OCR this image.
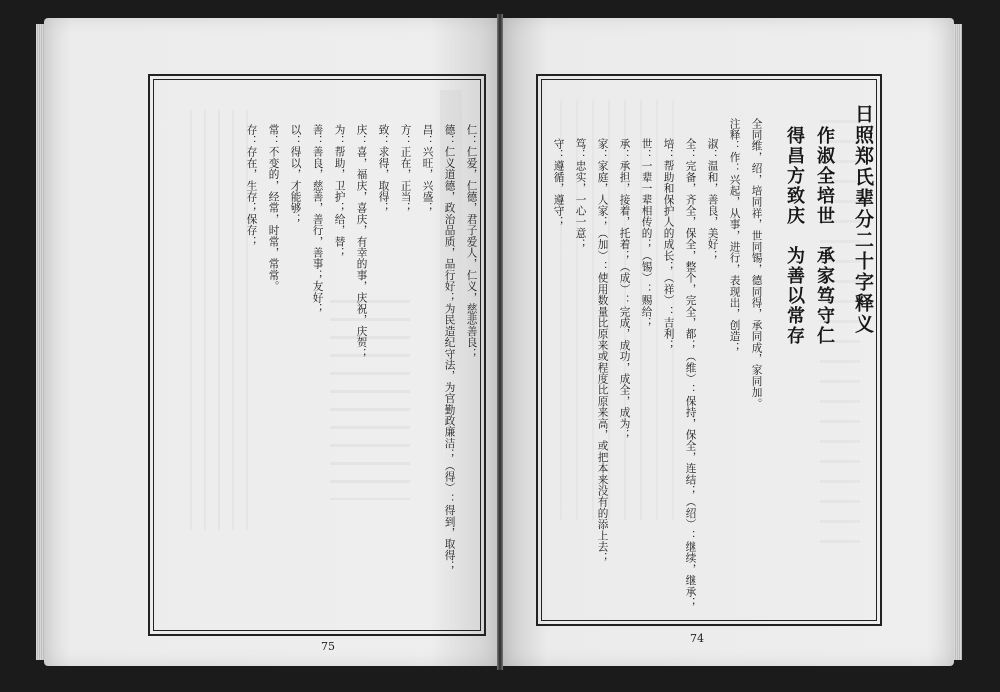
仁：仁爱，仁德，君子爱人，仁义，慈悲善良；
德：仁义道德，政治品质，品行好；为民造纪守法，为官勤政廉洁；（得）：得到，取得；
昌：兴旺，兴盛；
方：正在，正当；
致：求得，取得；
庆：喜，福庆，喜庆，有幸的事，庆祝，庆贺；
为：帮助，卫护；给，替；
善：善良，慈善，善行，善事；友好；
以：得以，才能够；
常：不变的，经常，时常，常常。
存：存在，生存；保存；
75
日照郑氏辈分二十字释义
作淑全培世　承家笃守仁
得昌方致庆　为善以常存
全同维，绍，培同祥，世同锡，德同得，承同成，家同加。
注释：作：兴起，从事，进行，表现出，创造；
淑：温和，善良，美好；
全：完备，齐全，保全，整个，完全，都；（维）：保持，保全，连结；（绍）：继续，继承；
培：帮助和保护人的成长；（祥）：吉利；
世：一辈一辈相传的；（锡）：赐给；
承：承担，接着，托着；（成）：完成，成功，成全，成为；
家：家庭，人家；（加）：使用数量比原来或程度比原来高，或把本来没有的添上去；
笃：忠实，一心一意；
守：遵循，遵守；
74
